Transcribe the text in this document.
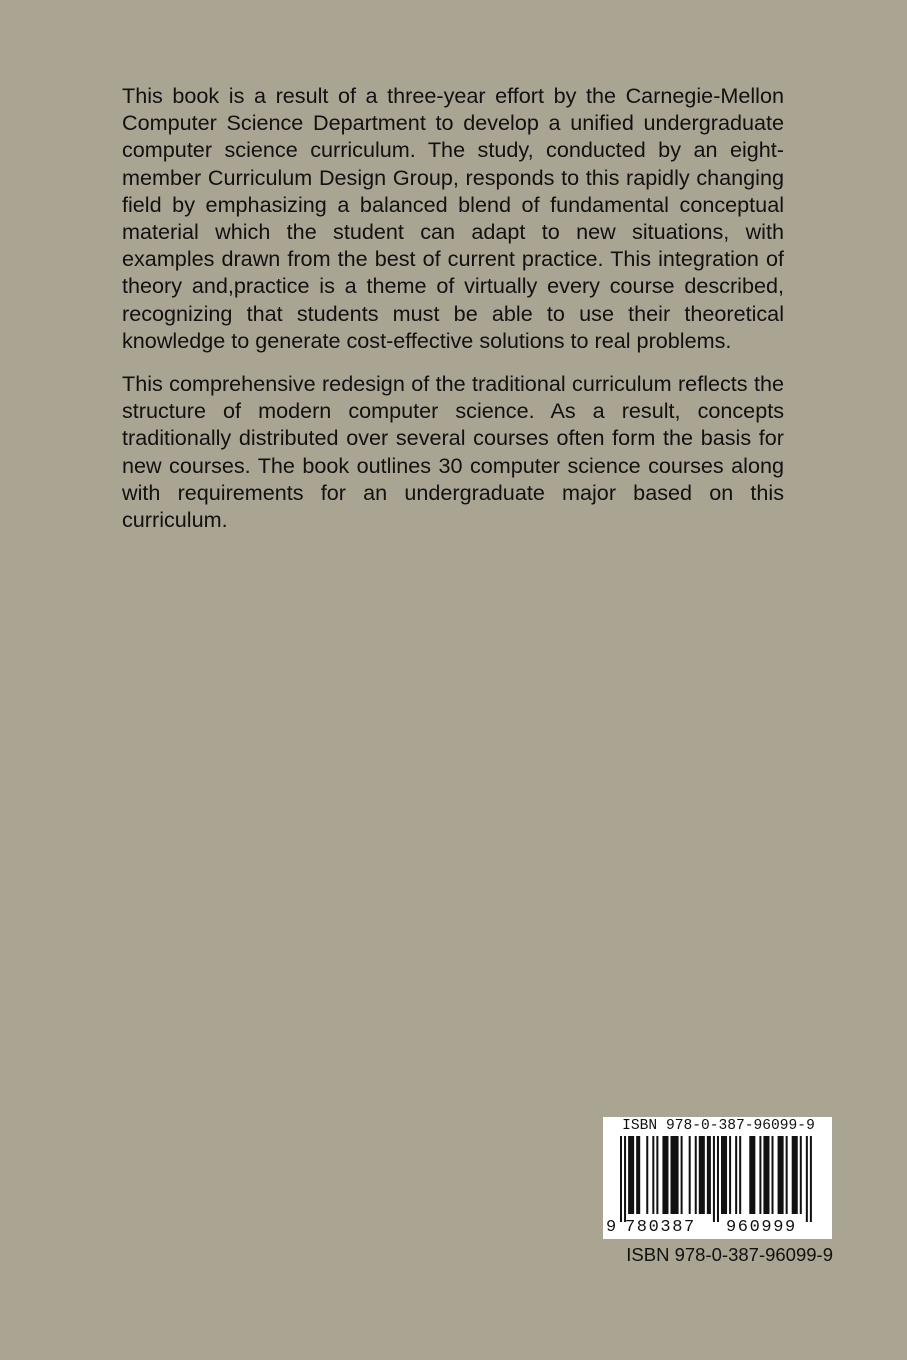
This book is a result of a three-year effort by the Carnegie-Mellon Computer Science Department to develop a unified undergraduate computer science curriculum. The study, conducted by an eightmember Curriculum Design Group, responds to this rapidly changing field by emphasizing a balanced blend of fundamental conceptual material which the student can adapt to new situations, with examples drawn from the best of current practice. This integration of theory and,practice is a theme of virtually every course described, recognizing that students must be able to use their theoretical knowledge to generate cost-effective solutions to real problems.

This comprehensive redesign of the traditional curriculum reflects the structure of modern computer science. As a result, concepts traditionally distributed over several courses often form the basis for new courses. The book outlines 30 computer science courses along with requirements for an undergraduate major based on this curriculum.

ISBN 978-0-387-96099-9
9 780387 960999
ISBN 978-0-387-96099-9
